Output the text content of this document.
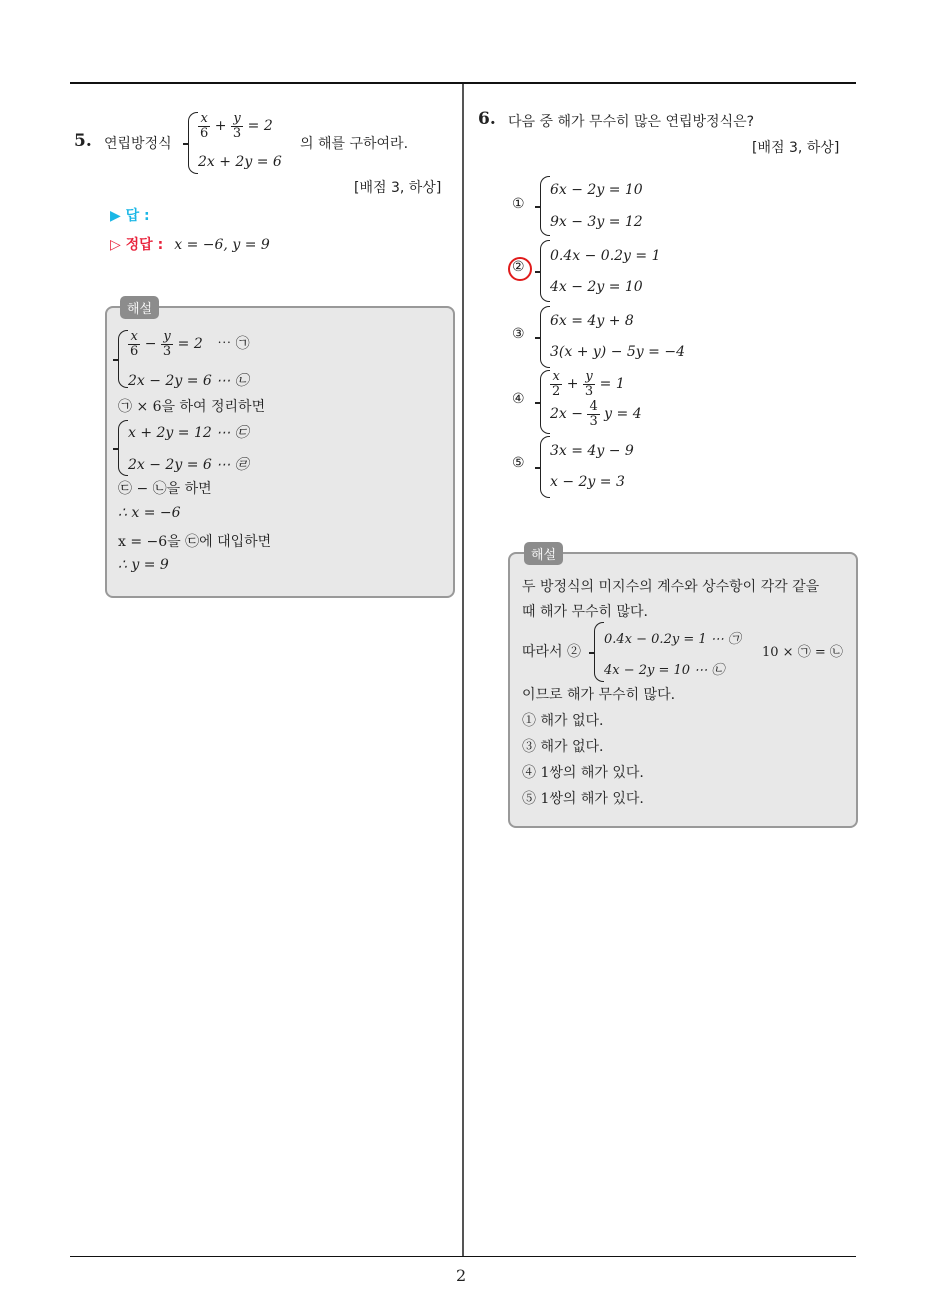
2
5. 연립방정식
$\frac{x}{6} + \frac{y}{3} = 2$
2x + 2y = 6
의 해를 구하여라.
[배점 3, 하상]
▶ 답 :
▷ 정답 : x = −6, y = 9
해설
$\frac{x}{6} - \frac{y}{3} = 2$ ⋯ ㉠
2x − 2y = 6 ⋯ ㉡
㉠ × 6을 하여 정리하면
x + 2y = 12 ⋯ ㉢
2x − 2y = 6 ⋯ ㉣
㉢ − ㉡을 하면
∴ x = −6
x = −6을 ㉢에 대입하면
∴ y = 9
6. 다음 중 해가 무수히 많은 연립방정식은?
[배점 3, 하상]
①
6x − 2y = 10
9x − 3y = 12
②
0.4x − 0.2y = 1
4x − 2y = 10
③
6x = 4y + 8
3(x + y) − 5y = −4
④
$\frac{x}{2} + \frac{y}{3} = 1$
$2x - \frac{4}{3}$ y = 4
⑤
3x = 4y − 9
x − 2y = 3
해설
두 방정식의 미지수의 계수와 상수항이 각각 같을
때 해가 무수히 많다.
따라서 ②
0.4x − 0.2y = 1 ⋯ ㉠
4x − 2y = 10 ⋯ ㉡
10 × ㉠ = ㉡
이므로 해가 무수히 많다.
① 해가 없다.
③ 해가 없다.
④ 1쌍의 해가 있다.
⑤ 1쌍의 해가 있다.
